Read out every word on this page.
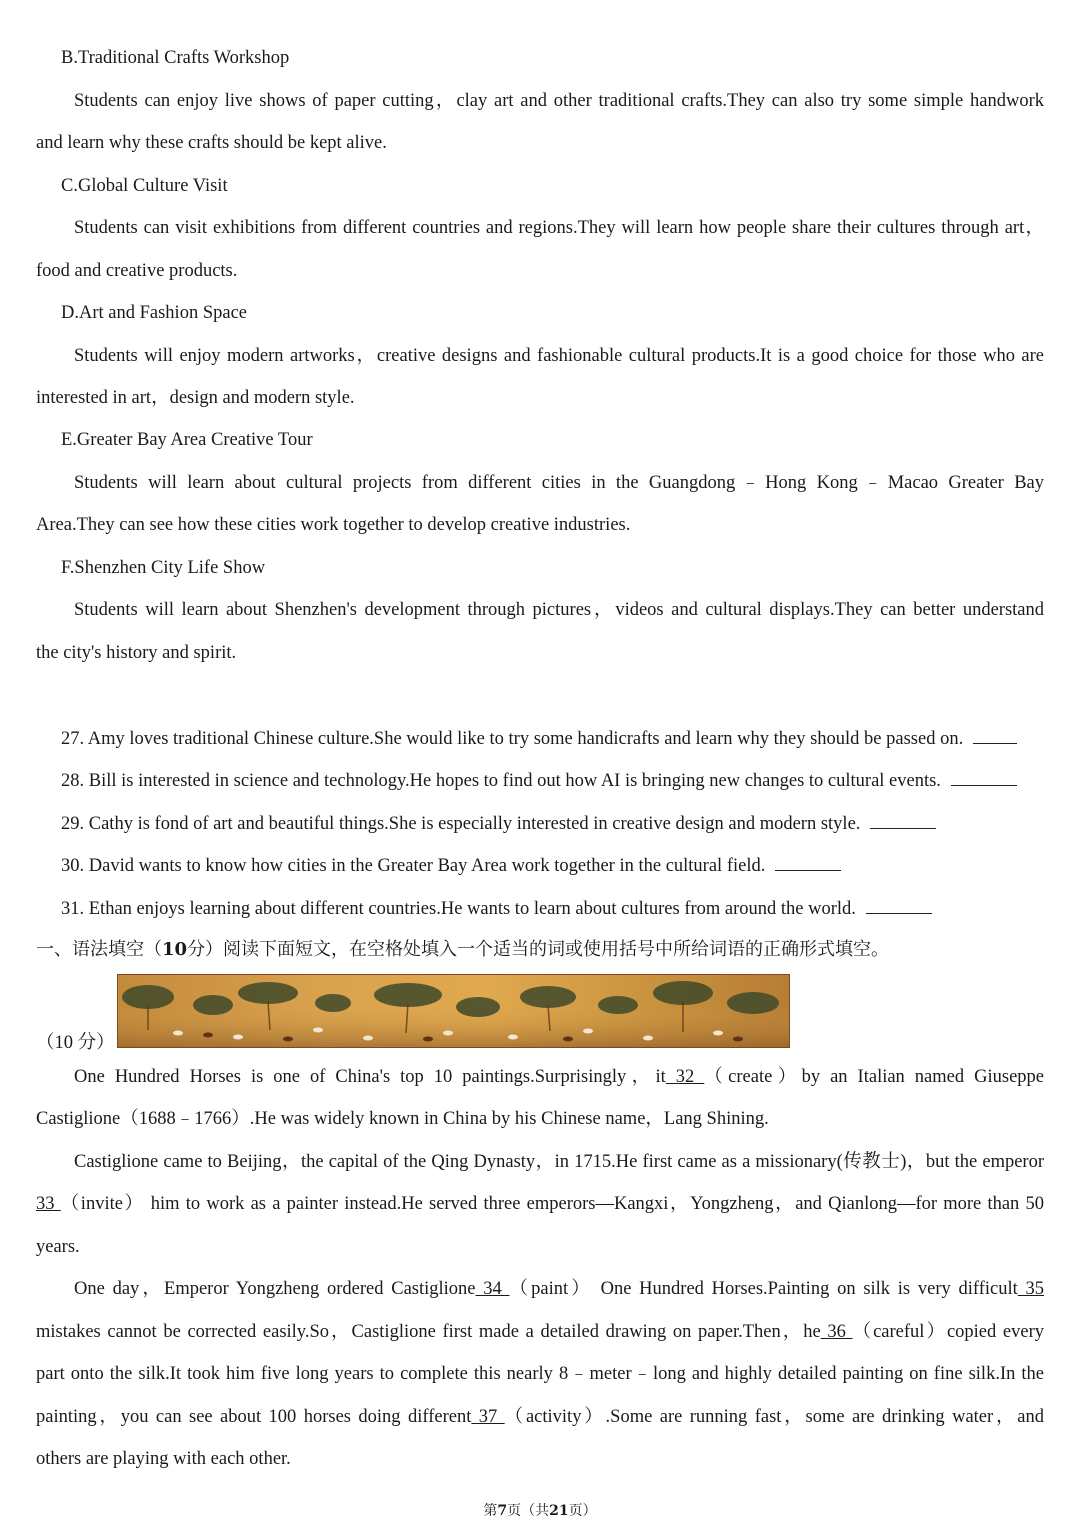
B.Traditional Crafts Workshop
Students can enjoy live shows of paper cutting，clay art and other traditional crafts.They can also try some simple handwork
and learn why these crafts should be kept alive.
C.Global Culture Visit
Students can visit exhibitions from different countries and regions.They will learn how people share their cultures through art，
food and creative products.
D.Art and Fashion Space
Students will enjoy modern artworks，creative designs and fashionable cultural products.It is a good choice for those who are
interested in art，design and modern style.
E.Greater Bay Area Creative Tour
Students will learn about cultural projects from different cities in the Guangdong﹣Hong Kong﹣Macao Greater Bay
Area.They can see how these cities work together to develop creative industries.
F.Shenzhen City Life Show
Students will learn about Shenzhen's development through pictures，videos and cultural displays.They can better understand
the city's history and spirit.
27. Amy loves traditional Chinese culture.She would like to try some handicrafts and learn why they should be passed on.
28. Bill is interested in science and technology.He hopes to find out how AI is bringing new changes to cultural events.
29. Cathy is fond of art and beautiful things.She is especially interested in creative design and modern style.
30. David wants to know how cities in the Greater Bay Area work together in the cultural field.
31. Ethan enjoys learning about different countries.He wants to learn about cultures from around the world.
一、语法填空（10分）阅读下面短文，在空格处填入一个适当的词或使用括号中所给词语的正确形式填空。
（10 分）
One Hundred Horses is one of China's top 10 paintings.Surprisingly，it 32 （create）by an Italian named Giuseppe
Castiglione（1688﹣1766）.He was widely known in China by his Chinese name，Lang Shining.
Castiglione came to Beijing，the capital of the Qing Dynasty，in 1715.He first came as a missionary(传教士)，but the emperor
33 （invite） him to work as a painter instead.He served three emperors—Kangxi，Yongzheng，and Qianlong—for more than 50
years.
One day，Emperor Yongzheng ordered Castiglione 34 （paint） One Hundred Horses.Painting on silk is very difficult 35
mistakes cannot be corrected easily.So，Castiglione first made a detailed drawing on paper.Then，he 36 （careful）copied every
part onto the silk.It took him five long years to complete this nearly 8﹣meter﹣long and highly detailed painting on fine silk.In the
painting，you can see about 100 horses doing different 37 （activity）.Some are running fast，some are drinking water，and
others are playing with each other.
第7页（共21页）
